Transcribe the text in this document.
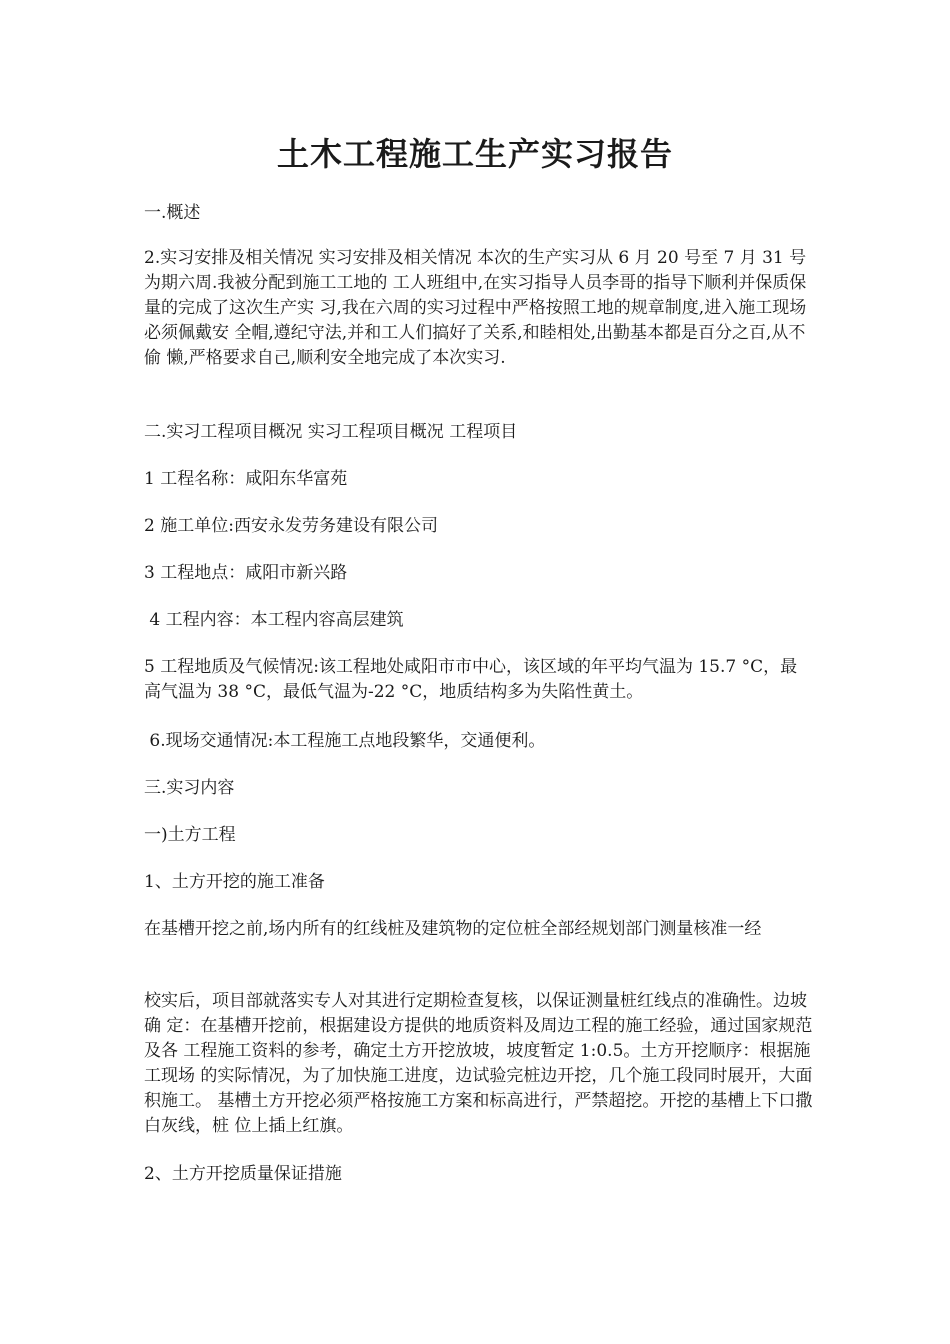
土木工程施工生产实习报告

一.概述

2.实习安排及相关情况 实习安排及相关情况 本次的生产实习从 6 月 20 号至 7 月 31 号为期六周.我被分配到施工工地的 工人班组中,在实习指导人员李哥的指导下顺利并保质保量的完成了这次生产实 习,我在六周的实习过程中严格按照工地的规章制度,进入施工现场必须佩戴安 全帽,遵纪守法,并和工人们搞好了关系,和睦相处,出勤基本都是百分之百,从不偷 懒,严格要求自己,顺利安全地完成了本次实习.

二.实习工程项目概况 实习工程项目概况 工程项目

1 工程名称：咸阳东华富苑

2 施工单位:西安永发劳务建设有限公司

3 工程地点：咸阳市新兴路

4 工程内容：本工程内容高层建筑

5 工程地质及气候情况:该工程地处咸阳市市中心，该区域的年平均气温为 15.7 °C，最 高气温为 38 °C，最低气温为-22 °C，地质结构多为失陷性黄土。

6.现场交通情况:本工程施工点地段繁华，交通便利。

三.实习内容

一)土方工程

1、土方开挖的施工准备

在基槽开挖之前,场内所有的红线桩及建筑物的定位桩全部经规划部门测量核准一经

校实后，项目部就落实专人对其进行定期检查复核，以保证测量桩红线点的准确性。边坡确 定：在基槽开挖前，根据建设方提供的地质资料及周边工程的施工经验，通过国家规范及各 工程施工资料的参考，确定土方开挖放坡，坡度暂定 1:0.5。土方开挖顺序：根据施工现场 的实际情况，为了加快施工进度，边试验完桩边开挖，几个施工段同时展开，大面积施工。 基槽土方开挖必须严格按施工方案和标高进行，严禁超挖。开挖的基槽上下口撒白灰线，桩 位上插上红旗。

2、土方开挖质量保证措施
